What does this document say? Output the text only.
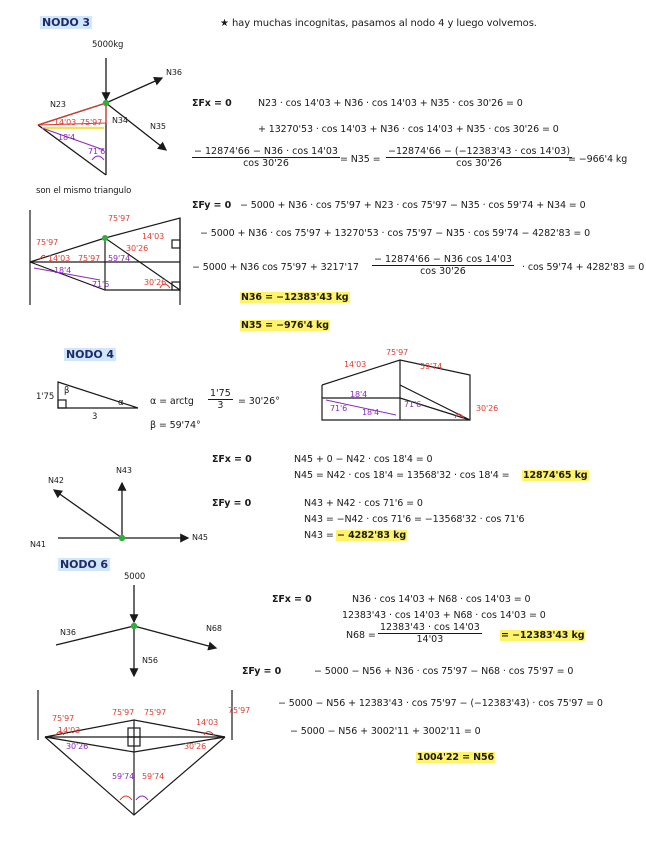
NODO 3	★ hay muchas incognitas, pasamos al nodo 4 y luego volvemos.
5000kg
N36
N23
N34
N35
14'03 75'97
18'4
71'6
son el mismo triangulo
75'97
75'97
14'03
30'26
14'03 75'97
18'4
59'74
71'6	30'26
ΣFx = 0	N23 · cos 14'03 + N36 · cos 14'03 + N35 · cos 30'26 = 0
+ 13270'53 · cos 14'03 + N36 · cos 14'03 + N35 · cos 30'26 = 0
$\frac{- 12874'66 - N36 \cdot \cos 14'03}{\cos 30'26} = N35 = \frac{-12874'66 - (-12383'43 \cdot \cos 14'03)}{\cos 30'26}$
= −966'4 kg
ΣFy = 0 − 5000 + N36 · cos 75'97 + N23 · cos 75'97 − N35 · cos 59'74 + N34 = 0
− 5000 + N36 · cos 75'97 + 13270'53 · cos 75'97 − N35 · cos 59'74 − 4282'83 = 0
− 5000 + N36 $\cos 75'97 + 3217'17 \frac{- 12874'66 - N36 \cos 14'03}{\cos 30'26} \cdot \cos 59'74 + 4282'83 = 0$
N36 = −12383'43 kg
N35 = −976'4 kg
NODO 4
1'75
3
β
α	α = arctg $\frac{1'75}{3} = 30'26^\circ$
β = 59'74°
14'03
75'97
59'74
18'4
18'4
71'6	30'26
71'6
N43
N42
N41
N45
ΣFx = 0	N45 + 0 − N42 · cos 18'4 = 0
N45 = N42 · cos 18'4 = 13568'32 · cos 18'4 = 12874'65 kg
ΣFy = 0	N43 + N42 · cos 71'6 = 0
N43 = −N42 · cos 71'6 = −13568'32 · cos 71'6
N43 = − 4282'83 kg
NODO 6
5000
N36	N68
N56
75'97
14'03
75'97 75'97
14'03
75'97
30'26	30'26
59'74 59'74
ΣFx = 0	N36 · cos 14'03 + N68 · cos 14'03 = 0
12383'43 · cos 14'03 + N68 · cos 14'03 = 0
$N68 = \frac{12383'43 \cdot \cos 14'03}{14'03} = -12383'43$ kg
ΣFy = 0	− 5000 − N56 + N36 · cos 75'97 − N68 · cos 75'97 = 0
− 5000 − N56 + 12383'43 · cos 75'97 − (−12383'43) · cos 75'97 = 0
− 5000 − N56 + 3002'11 + 3002'11 = 0
1004'22 = N56
